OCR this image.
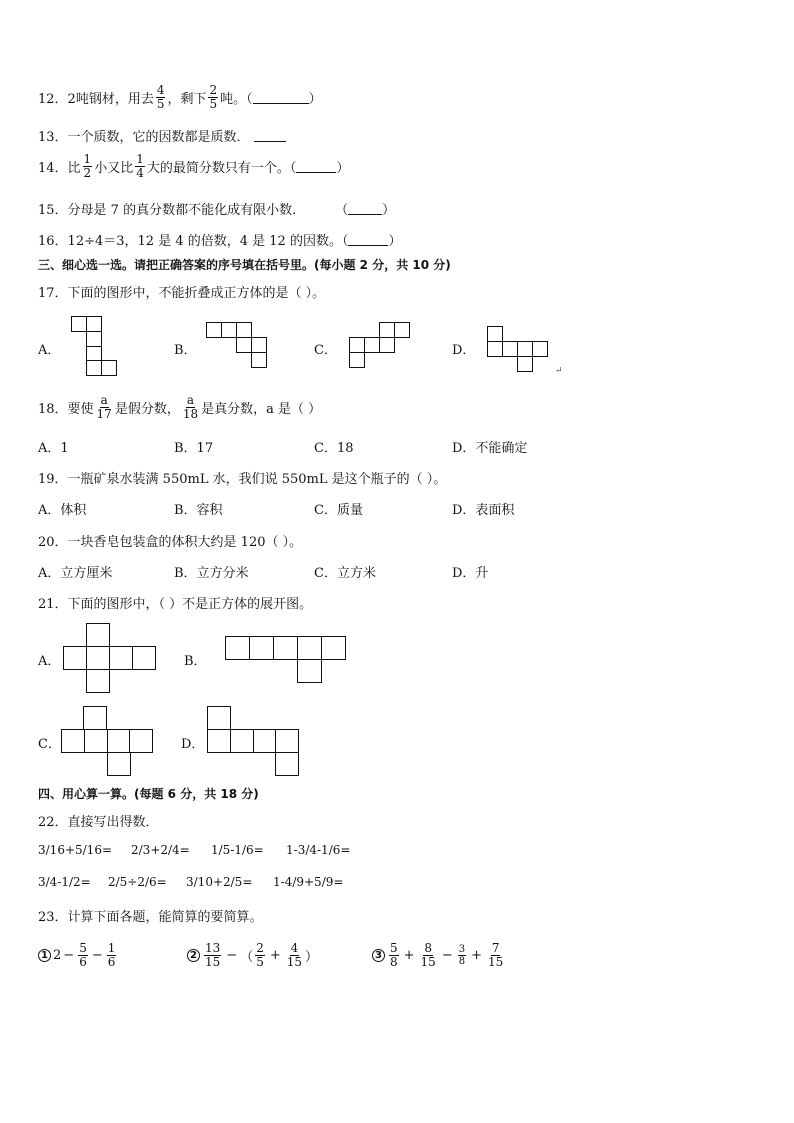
12．2吨钢材，用去 $\frac{4}{5}$ ，剩下 $\frac{2}{5}$ 吨。（	）
13．一个质数，它的因数都是质数．
14．比 $\frac{1}{2}$ 小又比 $\frac{1}{4}$ 大的最简分数只有一个。（	）
15．分母是 7 的真分数都不能化成有限小数． （	）
16．12÷4＝3，12 是 4 的倍数，4 是 12 的因数。（	）
三、细心选一选。请把正确答案的序号填在括号里。(每小题 2 分，共 10 分)
17．下面的图形中，不能折叠成正方体的是（ ）。
A．	B．	C．	D．
↵
18．要使 $\frac{a}{17}$ 是假分数， $\frac{a}{18}$ 是真分数，a 是（ ）
A．1	B．17	C．18	D．不能确定
19．一瓶矿泉水装满 550mL 水，我们说 550mL 是这个瓶子的（ ）。
A．体积	B．容积	C．质量	D．表面积
20．一块香皂包装盒的体积大约是 120（ ）。
A．立方厘米	B．立方分米	C．立方米	D．升
21．下面的图形中，（ ）不是正方体的展开图。
A．	B．
C．	D．
四、用心算一算。(每题 6 分，共 18 分)
22．直接写出得数．
3/16+5/16= 2/3+2/4= 1/5-1/6= 1-3/4-1/6=
3/4-1/2= 2/5÷2/6= 3/10+2/5= 1-4/9+5/9=
23．计算下面各题，能简算的要简算。
1 $2 - \frac{5}{6} - \frac{1}{6}$	$2 \frac{13}{15}$ − （ $\frac{2}{5} + \frac{4}{15}$ ）	$3 \frac{5}{8} + \frac{8}{15} - \frac{3}{8} + \frac{7}{15}$
